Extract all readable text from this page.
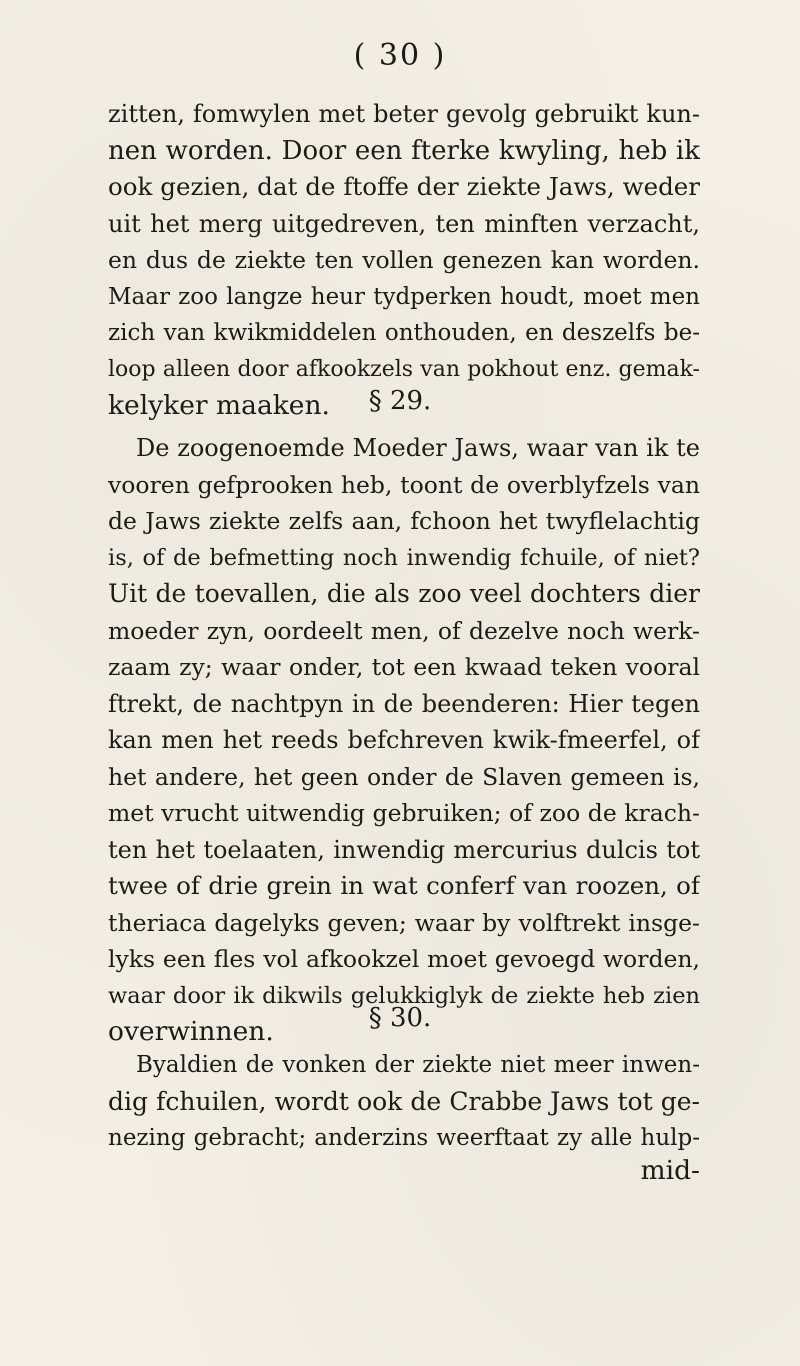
( 30 )
zitten, fomwylen met beter gevolg gebruikt kun-
nen worden. Door een fterke kwyling, heb ik
ook gezien, dat de ftoffe der ziekte Jaws, weder
uit het merg uitgedreven, ten minften verzacht,
en dus de ziekte ten vollen genezen kan worden.
Maar zoo langze heur tydperken houdt, moet men
zich van kwikmiddelen onthouden, en deszelfs be-
loop alleen door afkookzels van pokhout enz. gemak-
kelyker maaken.	§ 29.
De zoogenoemde Moeder Jaws, waar van ik te
vooren gefprooken heb, toont de overblyfzels van
de Jaws ziekte zelfs aan, fchoon het twyflelachtig
is, of de befmetting noch inwendig fchuile, of niet?
Uit de toevallen, die als zoo veel dochters dier
moeder zyn, oordeelt men, of dezelve noch werk-
zaam zy; waar onder, tot een kwaad teken vooral
ftrekt, de nachtpyn in de beenderen: Hier tegen
kan men het reeds befchreven kwik-fmeerfel, of
het andere, het geen onder de Slaven gemeen is,
met vrucht uitwendig gebruiken; of zoo de krach-
ten het toelaaten, inwendig mercurius dulcis tot
twee of drie grein in wat conferf van roozen, of
theriaca dagelyks geven; waar by volftrekt insge-
lyks een fles vol afkookzel moet gevoegd worden,
waar door ik dikwils gelukkiglyk de ziekte heb zien
overwinnen.	§ 30.
Byaldien de vonken der ziekte niet meer inwen-
dig fchuilen, wordt ook de Crabbe Jaws tot ge-
nezing gebracht; anderzins weerftaat zy alle hulp-
mid-
